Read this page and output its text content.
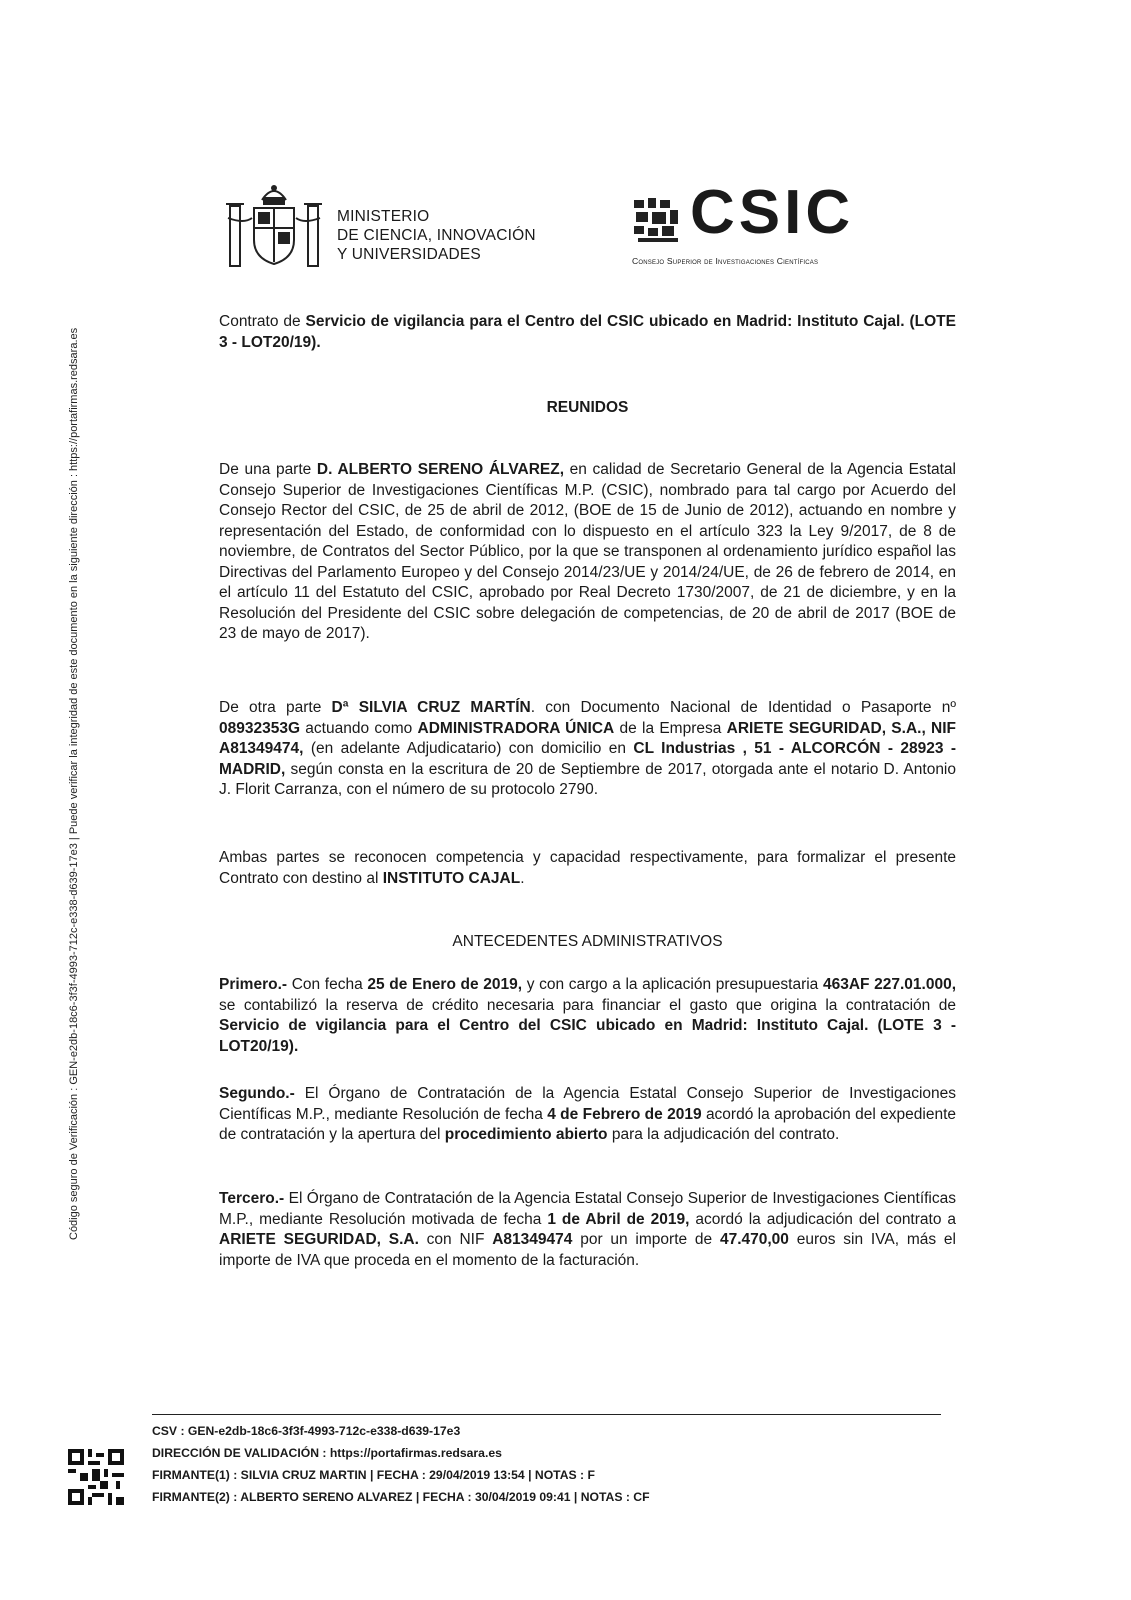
Código seguro de Verificación : GEN-e2db-18c6-3f3f-4993-712c-e338-d639-17e3 | Puede verificar la integridad de este documento en la siguiente dirección : https://portafirmas.redsara.es
MINISTERIO
DE CIENCIA, INNOVACIÓN
Y UNIVERSIDADES
CSIC
Consejo Superior de Investigaciones Científicas
Contrato de Servicio de vigilancia para el Centro del CSIC ubicado en Madrid: Instituto Cajal. (LOTE 3 - LOT20/19).
REUNIDOS
De una parte D. ALBERTO SERENO ÁLVAREZ, en calidad de Secretario General de la Agencia Estatal Consejo Superior de Investigaciones Científicas M.P. (CSIC), nombrado para tal cargo por Acuerdo del Consejo Rector del CSIC, de 25 de abril de 2012, (BOE de 15 de Junio de 2012), actuando en nombre y representación del Estado, de conformidad con lo dispuesto en el artículo 323 la Ley 9/2017, de 8 de noviembre, de Contratos del Sector Público, por la que se transponen al ordenamiento jurídico español las Directivas del Parlamento Europeo y del Consejo 2014/23/UE y 2014/24/UE, de 26 de febrero de 2014, en el artículo 11 del Estatuto del CSIC, aprobado por Real Decreto 1730/2007, de 21 de diciembre, y en la Resolución del Presidente del CSIC sobre delegación de competencias, de 20 de abril de 2017 (BOE de 23 de mayo de 2017).
De otra parte Dª SILVIA CRUZ MARTÍN. con Documento Nacional de Identidad o Pasaporte nº 08932353G actuando como ADMINISTRADORA ÚNICA de la Empresa ARIETE SEGURIDAD, S.A., NIF A81349474, (en adelante Adjudicatario) con domicilio en CL Industrias , 51 - ALCORCÓN - 28923 - MADRID, según consta en la escritura de 20 de Septiembre de 2017, otorgada ante el notario D. Antonio J. Florit Carranza, con el número de su protocolo 2790.
Ambas partes se reconocen competencia y capacidad respectivamente, para formalizar el presente Contrato con destino al INSTITUTO CAJAL.
ANTECEDENTES ADMINISTRATIVOS
Primero.- Con fecha 25 de Enero de 2019, y con cargo a la aplicación presupuestaria 463AF 227.01.000, se contabilizó la reserva de crédito necesaria para financiar el gasto que origina la contratación de Servicio de vigilancia para el Centro del CSIC ubicado en Madrid: Instituto Cajal. (LOTE 3 - LOT20/19).
Segundo.- El Órgano de Contratación de la Agencia Estatal Consejo Superior de Investigaciones Científicas M.P., mediante Resolución de fecha 4 de Febrero de 2019 acordó la aprobación del expediente de contratación y la apertura del procedimiento abierto para la adjudicación del contrato.
Tercero.- El Órgano de Contratación de la Agencia Estatal Consejo Superior de Investigaciones Científicas M.P., mediante Resolución motivada de fecha 1 de Abril de 2019, acordó la adjudicación del contrato a ARIETE SEGURIDAD, S.A. con NIF A81349474 por un importe de 47.470,00 euros sin IVA, más el importe de IVA que proceda en el momento de la facturación.
CSV : GEN-e2db-18c6-3f3f-4993-712c-e338-d639-17e3
DIRECCIÓN DE VALIDACIÓN : https://portafirmas.redsara.es
FIRMANTE(1) : SILVIA CRUZ MARTIN | FECHA : 29/04/2019 13:54 | NOTAS : F
FIRMANTE(2) : ALBERTO SERENO ALVAREZ | FECHA : 30/04/2019 09:41 | NOTAS : CF
